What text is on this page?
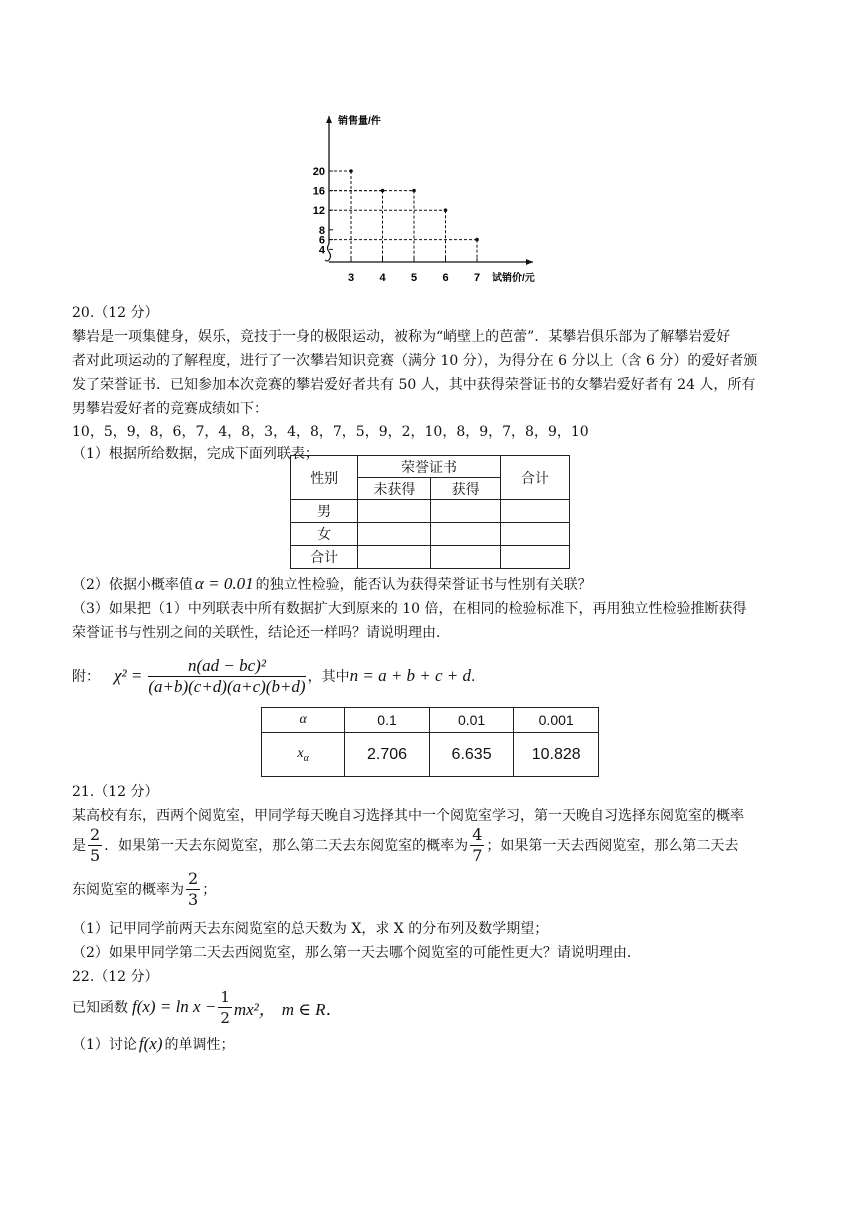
销售量/件
试销价/元
4
6
8
12
16
20
3 4 5 6 7
20.（12 分）
攀岩是一项集健身，娱乐，竞技于一身的极限运动，被称为“峭壁上的芭蕾”．某攀岩俱乐部为了解攀岩爱好
者对此项运动的了解程度，进行了一次攀岩知识竞赛（满分 10 分），为得分在 6 分以上（含 6 分）的爱好者颁
发了荣誉证书．已知参加本次竞赛的攀岩爱好者共有 50 人，其中获得荣誉证书的女攀岩爱好者有 24 人，所有
男攀岩爱好者的竞赛成绩如下：
10，5，9，8，6，7，4，8，3，4，8，7，5，9，2，10，8，9，7，8，9，10
（1）根据所给数据，完成下面列联表；
性别	荣誉证书		合计
	未获得	获得	
男			
女			
合计			
（2）依据小概率值 α = 0.01 的独立性检验，能否认为获得荣誉证书与性别有关联？
（3）如果把（1）中列联表中所有数据扩大到原来的 10 倍，在相同的检验标准下，再用独立性检验推断获得
荣誉证书与性别之间的关联性，结论还一样吗？请说明理由．
附： $\chi^2 = \frac{\text{n(ad − bc)²}}{(a+b)(c+d)(a+c)(b+d)}$ ，其中 n = a + b + c + d ．
α	0.1	0.01	0.001
$x_\alpha$	2.706	6.635	10.828
21.（12 分）
某高校有东，西两个阅览室，甲同学每天晚自习选择其中一个阅览室学习，第一天晚自习选择东阅览室的概率
是 $\frac{2}{5}$ ．如果第一天去东阅览室，那么第二天去东阅览室的概率为 $\frac{4}{7}$ ；如果第一天去西阅览室，那么第二天去
东阅览室的概率为 $\frac{2}{3}$ ；
（1）记甲同学前两天去东阅览室的总天数为 X，求 X 的分布列及数学期望；
（2）如果甲同学第二天去西阅览室，那么第一天去哪个阅览室的可能性更大？请说明理由．
22.（12 分）
已知函数 $f(x) = \ln x - \frac{1}{2} mx^2$， m ∈ R．
（1）讨论 f(x) 的单调性；
